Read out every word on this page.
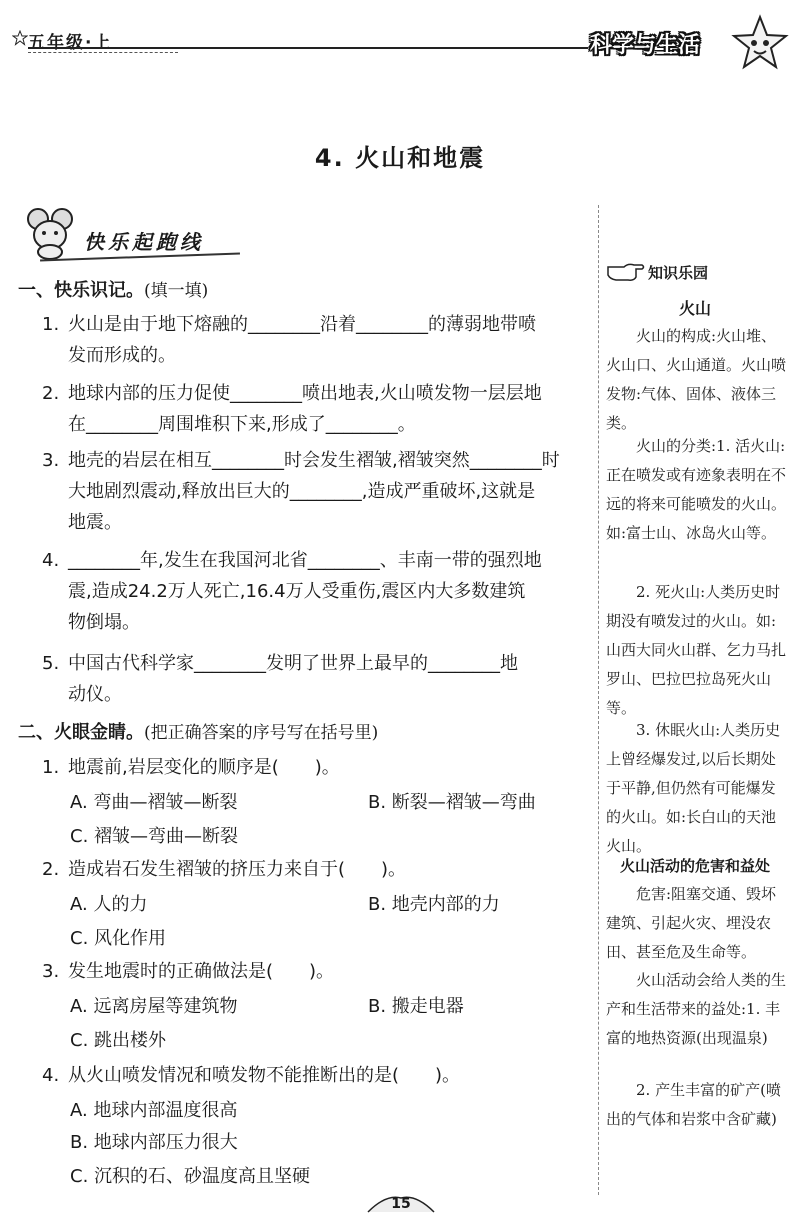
五年级·上	科学与生活
4. 火山和地震
快乐起跑线
一、快乐识记。(填一填)
1. 火山是由于地下熔融的________沿着________的薄弱地带喷
发而形成的。
2. 地球内部的压力促使________喷出地表,火山喷发物一层层地
在________周围堆积下来,形成了________。
3. 地壳的岩层在相互________时会发生褶皱,褶皱突然________时
大地剧烈震动,释放出巨大的________,造成严重破坏,这就是
地震。
4. ________年,发生在我国河北省________、丰南一带的强烈地
震,造成24.2万人死亡,16.4万人受重伤,震区内大多数建筑
物倒塌。
5. 中国古代科学家________发明了世界上最早的________地
动仪。
二、火眼金睛。(把正确答案的序号写在括号里)
1. 地震前,岩层变化的顺序是(　　)。
A. 弯曲—褶皱—断裂	B. 断裂—褶皱—弯曲
C. 褶皱—弯曲—断裂
2. 造成岩石发生褶皱的挤压力来自于(　　)。
A. 人的力	B. 地壳内部的力
C. 风化作用
3. 发生地震时的正确做法是(　　)。
A. 远离房屋等建筑物	B. 搬走电器
C. 跳出楼外
4. 从火山喷发情况和喷发物不能推断出的是(　　)。
A. 地球内部温度很高
B. 地球内部压力很大
C. 沉积的石、砂温度高且坚硬
知识乐园
火山
火山的构成:火山堆、火山口、火山通道。火山喷发物:气体、固体、液体三类。
火山的分类:1. 活火山:正在喷发或有迹象表明在不远的将来可能喷发的火山。如:富士山、冰岛火山等。
2. 死火山:人类历史时期没有喷发过的火山。如:山西大同火山群、乞力马扎罗山、巴拉巴拉岛死火山等。
3. 休眠火山:人类历史上曾经爆发过,以后长期处于平静,但仍然有可能爆发的火山。如:长白山的天池火山。
火山活动的危害和益处
危害:阻塞交通、毁坏建筑、引起火灾、埋没农田、甚至危及生命等。
火山活动会给人类的生产和生活带来的益处:1. 丰富的地热资源(出现温泉)
2. 产生丰富的矿产(喷出的气体和岩浆中含矿藏)
15
